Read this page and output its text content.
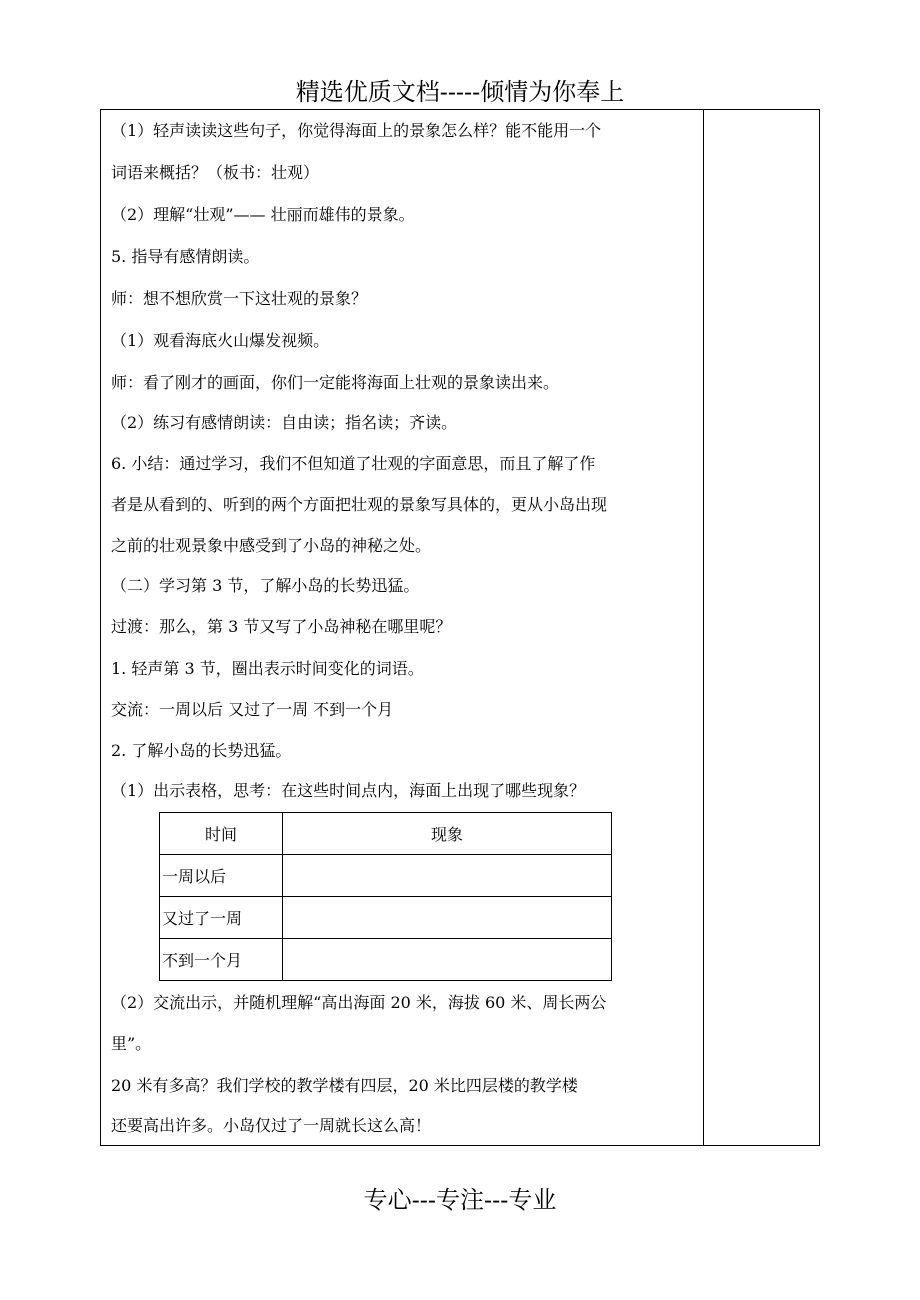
精选优质文档-----倾情为你奉上
（1）轻声读读这些句子，你觉得海面上的景象怎么样？能不能用一个
词语来概括？（板书：壮观）
（2）理解“壮观”—— 壮丽而雄伟的景象。
5. 指导有感情朗读。
师：想不想欣赏一下这壮观的景象？
（1）观看海底火山爆发视频。
师：看了刚才的画面，你们一定能将海面上壮观的景象读出来。
（2）练习有感情朗读：自由读；指名读；齐读。
6. 小结：通过学习，我们不但知道了壮观的字面意思，而且了解了作
者是从看到的、听到的两个方面把壮观的景象写具体的，更从小岛出现
之前的壮观景象中感受到了小岛的神秘之处。
（二）学习第 3 节，了解小岛的长势迅猛。
过渡：那么，第 3 节又写了小岛神秘在哪里呢？
1. 轻声第 3 节，圈出表示时间变化的词语。
交流：一周以后 又过了一周 不到一个月
2. 了解小岛的长势迅猛。
（1）出示表格，思考：在这些时间点内，海面上出现了哪些现象？
时间	现象
一周以后	
又过了一周	
不到一个月	
（2）交流出示，并随机理解“高出海面 20 米，海拔 60 米、周长两公
里”。
20 米有多高？我们学校的教学楼有四层，20 米比四层楼的教学楼
还要高出许多。小岛仅过了一周就长这么高！
专心---专注---专业
